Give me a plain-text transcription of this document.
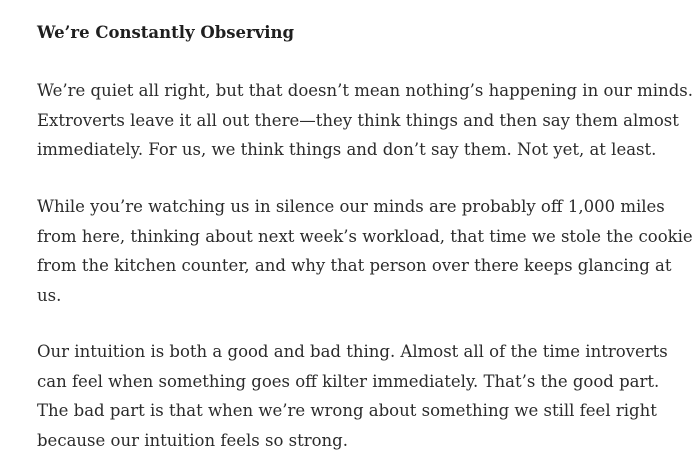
We’re Constantly Observing

We’re quiet all right, but that doesn’t mean nothing’s happening in our minds.
Extroverts leave it all out there—they think things and then say them almost
immediately. For us, we think things and don’t say them. Not yet, at least.

While you’re watching us in silence our minds are probably off 1,000 miles
from here, thinking about next week’s workload, that time we stole the cookie
from the kitchen counter, and why that person over there keeps glancing at
us.

Our intuition is both a good and bad thing. Almost all of the time introverts
can feel when something goes off kilter immediately. That’s the good part.
The bad part is that when we’re wrong about something we still feel right
because our intuition feels so strong.
